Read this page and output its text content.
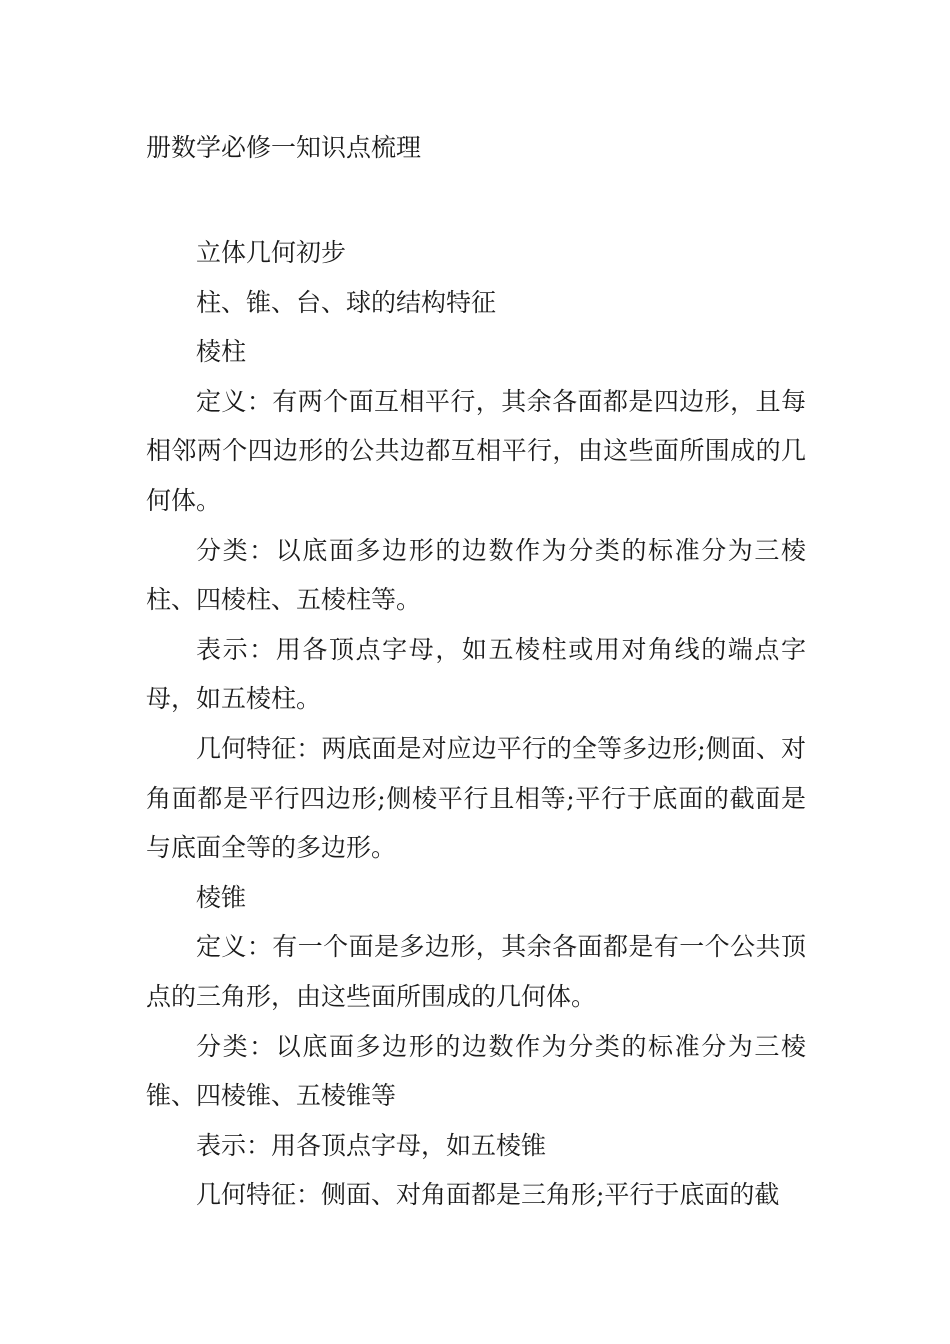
册数学必修一知识点梳理

立体几何初步

柱、锥、台、球的结构特征

棱柱

定义：有两个面互相平行，其余各面都是四边形，且每相邻两个四边形的公共边都互相平行，由这些面所围成的几何体。

分类：以底面多边形的边数作为分类的标准分为三棱柱、四棱柱、五棱柱等。

表示：用各顶点字母，如五棱柱或用对角线的端点字母，如五棱柱。

几何特征：两底面是对应边平行的全等多边形;侧面、对角面都是平行四边形;侧棱平行且相等;平行于底面的截面是与底面全等的多边形。

棱锥

定义：有一个面是多边形，其余各面都是有一个公共顶点的三角形，由这些面所围成的几何体。

分类：以底面多边形的边数作为分类的标准分为三棱锥、四棱锥、五棱锥等

表示：用各顶点字母，如五棱锥

几何特征：侧面、对角面都是三角形;平行于底面的截
